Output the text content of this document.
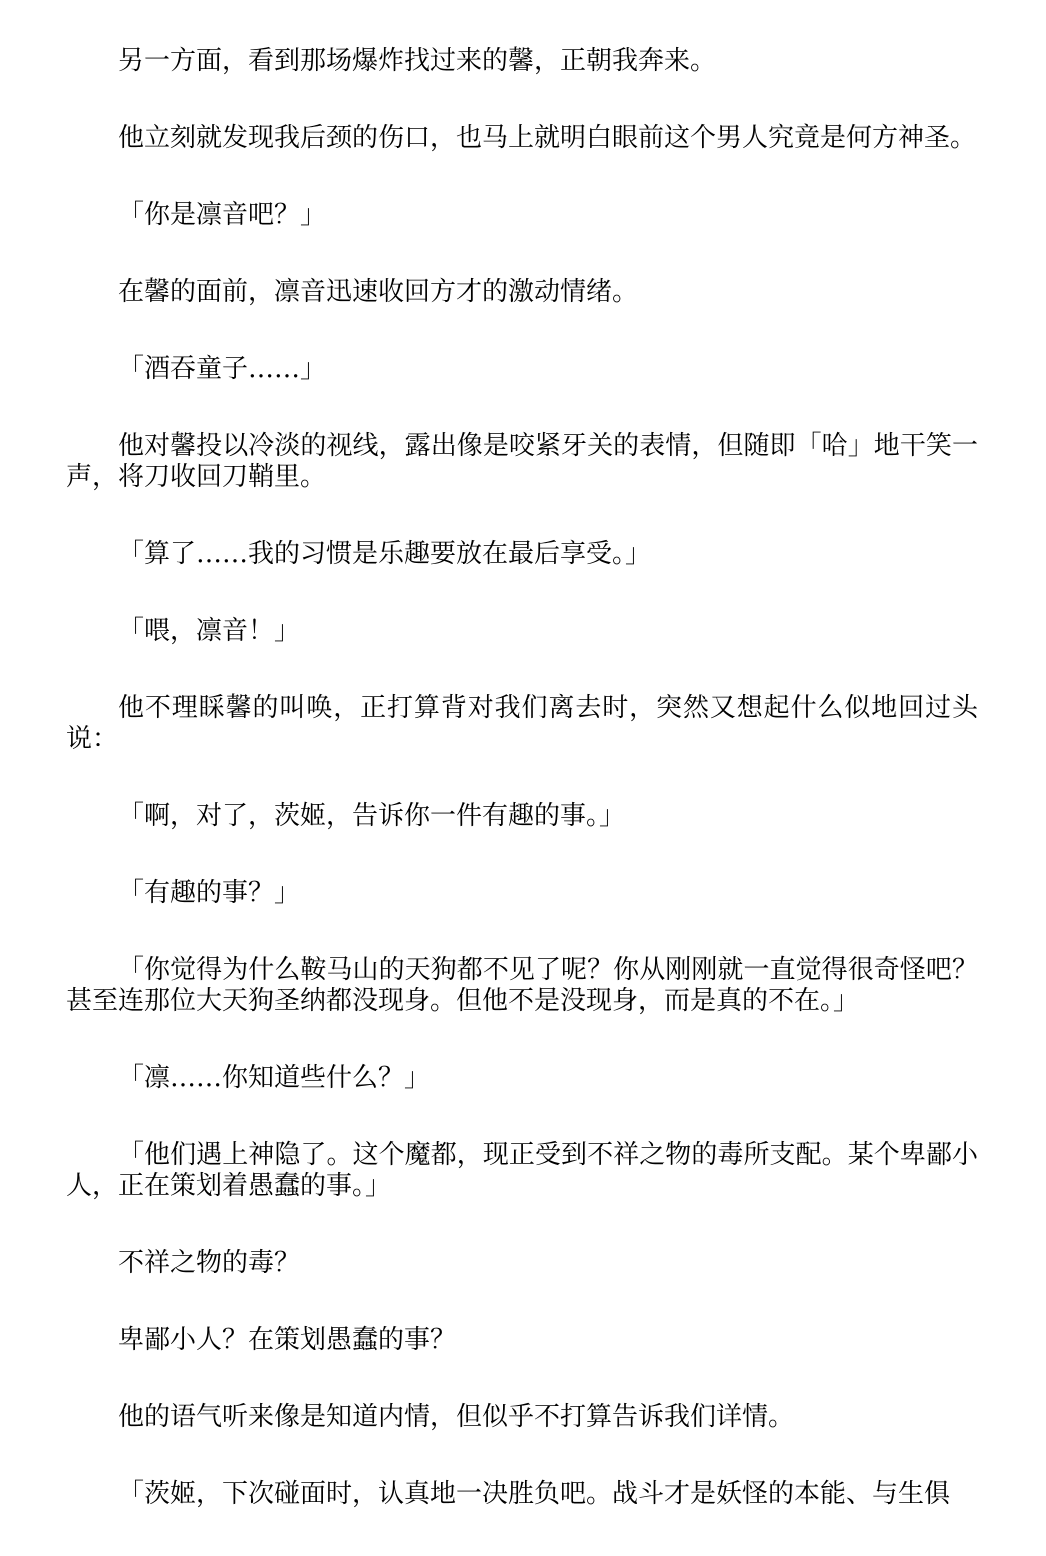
另一方面，看到那场爆炸找过来的馨，正朝我奔来。

他立刻就发现我后颈的伤口，也马上就明白眼前这个男人究竟是何方神圣。

「你是凛音吧？」

在馨的面前，凛音迅速收回方才的激动情绪。

「酒吞童子……」

他对馨投以冷淡的视线，露出像是咬紧牙关的表情，但随即「哈」地干笑一声，将刀收回刀鞘里。

「算了……我的习惯是乐趣要放在最后享受。」

「喂，凛音！」

他不理睬馨的叫唤，正打算背对我们离去时，突然又想起什么似地回过头说：

「啊，对了，茨姬，告诉你一件有趣的事。」

「有趣的事？」

「你觉得为什么鞍马山的天狗都不见了呢？你从刚刚就一直觉得很奇怪吧？甚至连那位大天狗圣纳都没现身。但他不是没现身，而是真的不在。」

「凛……你知道些什么？」

「他们遇上神隐了。这个魔都，现正受到不祥之物的毒所支配。某个卑鄙小人，正在策划着愚蠢的事。」

不祥之物的毒？

卑鄙小人？在策划愚蠢的事？

他的语气听来像是知道内情，但似乎不打算告诉我们详情。

「茨姬，下次碰面时，认真地一决胜负吧。战斗才是妖怪的本能、与生俱
